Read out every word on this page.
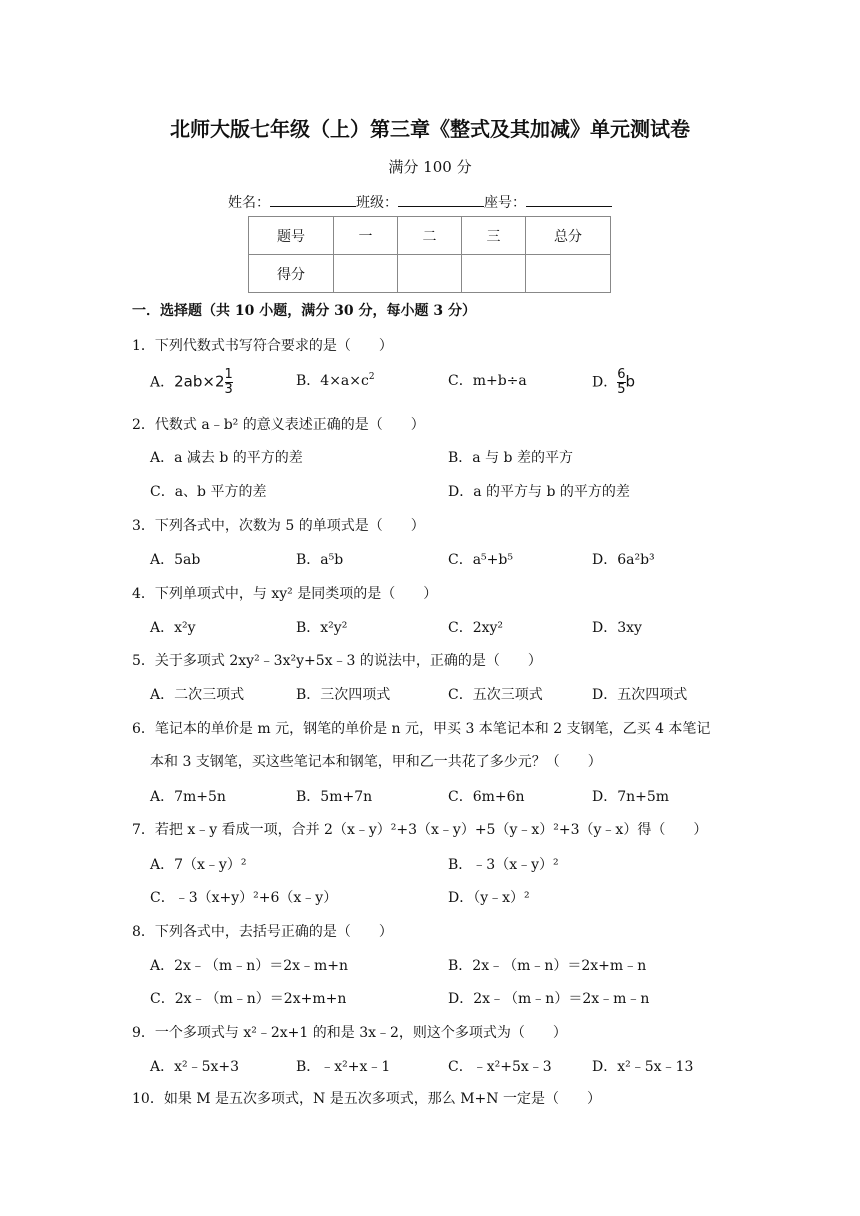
北师大版七年级（上）第三章《整式及其加减》单元测试卷
满分 100 分
姓名：	班级：	座号：
题号	一	二	三	总分
得分				
一．选择题（共 10 小题，满分 30 分，每小题 3 分）
1．下列代数式书写符合要求的是（　　）
A．$2ab\times 2 \frac{1}{3}$	B．$4\times a\times c^2$	C．m+b÷a	D． $\frac{6}{5}$ b
2．代数式 a﹣b² 的意义表述正确的是（　　）
A．a 减去 b 的平方的差	B．a 与 b 差的平方
C．a、b 平方的差	D．a 的平方与 b 的平方的差
3．下列各式中，次数为 5 的单项式是（　　）
A．5ab	B．a⁵b	C．a⁵+b⁵	D．6a²b³
4．下列单项式中，与 xy² 是同类项的是（　　）
A．x²y	B．x²y²	C．2xy²	D．3xy
5．关于多项式 2xy²﹣3x²y+5x﹣3 的说法中，正确的是（　　）
A．二次三项式	B．三次四项式	C．五次三项式	D．五次四项式
6．笔记本的单价是 m 元，钢笔的单价是 n 元，甲买 3 本笔记本和 2 支钢笔，乙买 4 本笔记
本和 3 支钢笔，买这些笔记本和钢笔，甲和乙一共花了多少元？（　　）
A．7m+5n	B．5m+7n	C．6m+6n	D．7n+5m
7．若把 x﹣y 看成一项，合并 2（x﹣y）²+3（x﹣y）+5（y﹣x）²+3（y﹣x）得（　　）
A．7（x﹣y）²	B．﹣3（x﹣y）²
C．﹣3（x+y）²+6（x﹣y）	D．（y﹣x）²
8．下列各式中，去括号正确的是（　　）
A．2x﹣（m﹣n）＝2x﹣m+n	B．2x﹣（m﹣n）＝2x+m﹣n
C．2x﹣（m﹣n）＝2x+m+n	D．2x﹣（m﹣n）＝2x﹣m﹣n
9．一个多项式与 x²﹣2x+1 的和是 3x﹣2，则这个多项式为（　　）
A．x²﹣5x+3	B．﹣x²+x﹣1	C．﹣x²+5x﹣3	D．x²﹣5x﹣13
10．如果 M 是五次多项式，N 是五次多项式，那么 M+N 一定是（　　）
